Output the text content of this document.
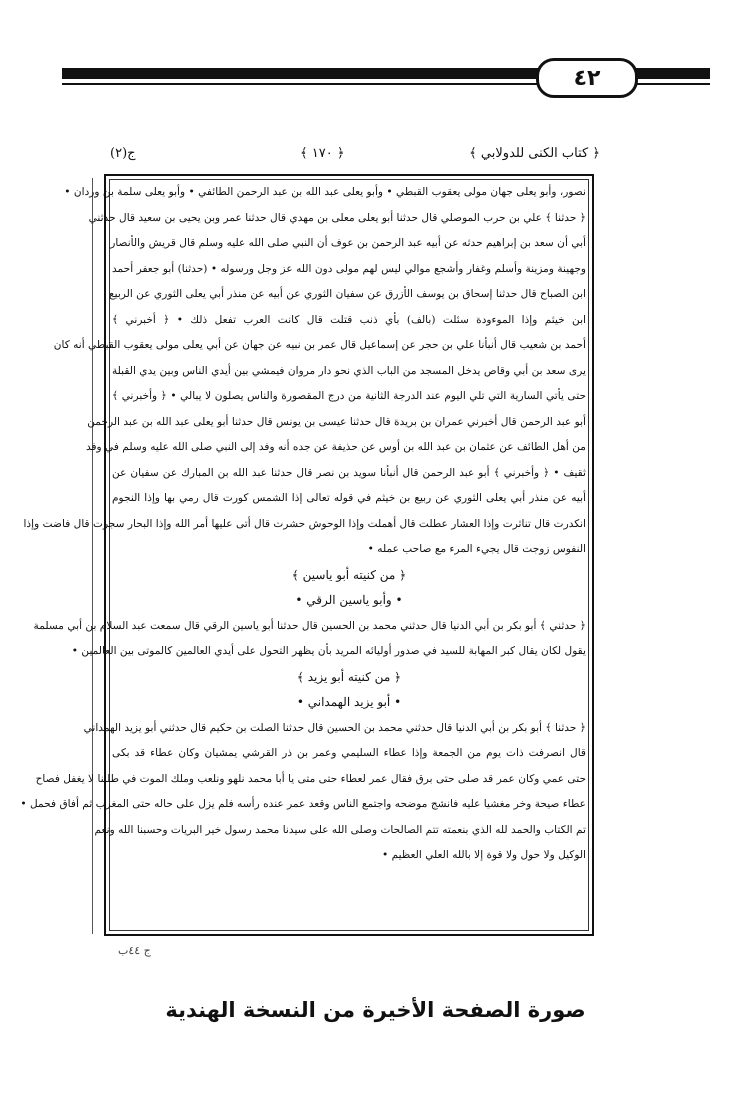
٤٢
﴿ كتاب الكنى للدولابي ﴾
﴿ ١٧٠ ﴾
ج(٢)
نصور، وأبو يعلى جهان مولى يعقوب القبطي • وأبو يعلى عبد الله بن عبد الرحمن الطائفي • وأبو يعلى سلمة بن وردان •
﴿ حدثنا ﴾ علي بن حرب الموصلي قال حدثنا أبو يعلى معلى بن مهدي قال حدثنا عمر وبن يحيى بن سعيد قال حدثني
أبي أن سعد بن إبراهيم حدثه عن أبيه عبد الرحمن بن عوف أن النبي صلى الله عليه وسلم قال قريش والأنصار
وجهينة ومزينة وأسلم وغفار وأشجع موالي ليس لهم مولى دون الله عز وجل ورسوله • (حدثنا) أبو جعفر أحمد
ابن الصباح قال حدثنا إسحاق بن يوسف الأزرق عن سفيان الثوري عن أبيه عن منذر أبي يعلى الثوري عن الربيع
ابن خيثم وإذا الموءودة سئلت (بالف) بأي ذنب قتلت قال كانت العرب تفعل ذلك • ﴿ أخبرني ﴾
أحمد بن شعيب قال أنبأنا علي بن حجر عن إسماعيل قال عمر بن نبيه عن جهان عن أبي يعلى مولى يعقوب القبطي أنه كان
يرى سعد بن أبي وقاص يدخل المسجد من الباب الذي نحو دار مروان فيمشي بين أيدي الناس وبين يدي القبلة
حتى يأتي السارية التي تلي اليوم عند الدرجة الثانية من درج المقصورة والناس يصلون لا يبالي • ﴿ وأخبرني ﴾
أبو عبد الرحمن قال أخبرني عمران بن بريدة قال حدثنا عيسى بن يونس قال حدثنا أبو يعلى عبد الله بن عبد الرحمن
من أهل الطائف عن عثمان بن عبد الله بن أوس عن حذيفة عن جده أنه وفد إلى النبي صلى الله عليه وسلم في وفد
ثقيف • ﴿ وأخبرني ﴾ أبو عبد الرحمن قال أنبأنا سويد بن نصر قال حدثنا عبد الله بن المبارك عن سفيان عن
أبيه عن منذر أبي يعلى الثوري عن ربيع بن خيثم في قوله تعالى إذا الشمس كورت قال رمي بها وإذا النجوم
انكدرت قال تناثرت وإذا العشار عطلت قال أهملت وإذا الوحوش حشرت قال أتى عليها أمر الله وإذا البحار سجرت قال فاضت وإذا
النفوس زوجت قال يجيء المرء مع صاحب عمله •
﴿ من كنيته أبو ياسين ﴾
• وأبو ياسين الرقي •
﴿ حدثني ﴾ أبو بكر بن أبي الدنيا قال حدثني محمد بن الحسين قال حدثنا أبو ياسين الرقي قال سمعت عبد السلام بن أبي مسلمة
يقول لكان يقال كبر المهابة للسيد في صدور أوليائه المريد بأن يظهر التحول على أيدي العالمين كالموتى بين العالمين •
﴿ من كنيته أبو يزيد ﴾
• أبو يزيد الهمداني •
﴿ حدثنا ﴾ أبو بكر بن أبي الدنيا قال حدثني محمد بن الحسين قال حدثنا الصلت بن حكيم قال حدثني أبو يزيد الهمداني
قال انصرفت ذات يوم من الجمعة وإذا عطاء السليمي وعمر بن ذر القرشي يمشيان وكان عطاء قد بكى
حتى عمي وكان عمر قد صلى حتى برق فقال عمر لعطاء حتى متى يا أبا محمد نلهو ونلعب وملك الموت في طلبنا لا يغفل فصاح
عطاء صيحة وخر مغشيا عليه فانشج موضحه واجتمع الناس وقعد عمر عنده رأسه فلم يزل على حاله حتى المغرب ثم أفاق فحمل •
تم الكتاب والحمد لله الذي بنعمته تتم الصالحات وصلى الله على سيدنا محمد رسول خير البريات وحسبنا الله ونعم
الوكيل ولا حول ولا قوة إلا بالله العلي العظيم •
ج ٤٤ب
صورة الصفحة الأخيرة من النسخة الهندية
